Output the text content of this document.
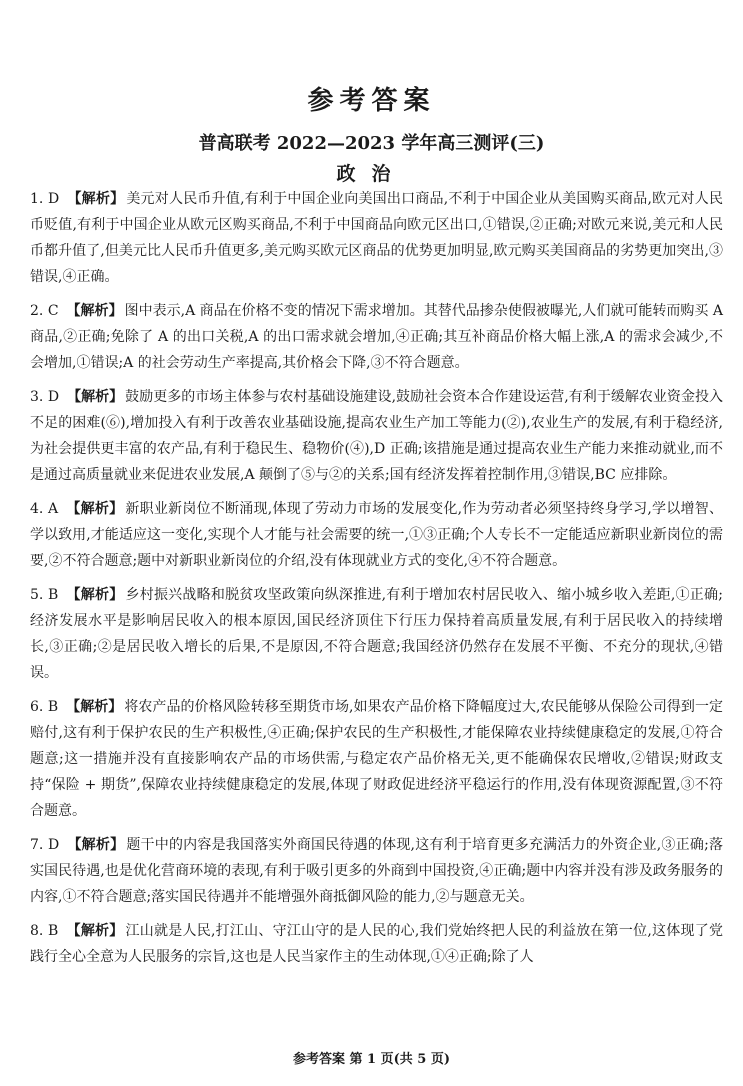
参考答案
普高联考 2022—2023 学年高三测评(三)
政治

1. D 【解析】 美元对人民币升值,有利于中国企业向美国出口商品,不利于中国企业从美国购买商品,欧元对人民币贬值,有利于中国企业从欧元区购买商品,不利于中国商品向欧元区出口,①错误,②正确;对欧元来说,美元和人民币都升值了,但美元比人民币升值更多,美元购买欧元区商品的优势更加明显,欧元购买美国商品的劣势更加突出,③错误,④正确。

2. C 【解析】 图中表示,A 商品在价格不变的情况下需求增加。其替代品掺杂使假被曝光,人们就可能转而购买 A 商品,②正确;免除了 A 的出口关税,A 的出口需求就会增加,④正确;其互补商品价格大幅上涨,A 的需求会减少,不会增加,①错误;A 的社会劳动生产率提高,其价格会下降,③不符合题意。

3. D 【解析】 鼓励更多的市场主体参与农村基础设施建设,鼓励社会资本合作建设运营,有利于缓解农业资金投入不足的困难(⑥),增加投入有利于改善农业基础设施,提高农业生产加工等能力(②),农业生产的发展,有利于稳经济,为社会提供更丰富的农产品,有利于稳民生、稳物价(④),D 正确;该措施是通过提高农业生产能力来推动就业,而不是通过高质量就业来促进农业发展,A 颠倒了⑤与②的关系;国有经济发挥着控制作用,③错误,BC 应排除。

4. A 【解析】 新职业新岗位不断涌现,体现了劳动力市场的发展变化,作为劳动者必须坚持终身学习,学以增智、学以致用,才能适应这一变化,实现个人才能与社会需要的统一,①③正确;个人专长不一定能适应新职业新岗位的需要,②不符合题意;题中对新职业新岗位的介绍,没有体现就业方式的变化,④不符合题意。

5. B 【解析】 乡村振兴战略和脱贫攻坚政策向纵深推进,有利于增加农村居民收入、缩小城乡收入差距,①正确;经济发展水平是影响居民收入的根本原因,国民经济顶住下行压力保持着高质量发展,有利于居民收入的持续增长,③正确;②是居民收入增长的后果,不是原因,不符合题意;我国经济仍然存在发展不平衡、不充分的现状,④错误。

6. B 【解析】 将农产品的价格风险转移至期货市场,如果农产品价格下降幅度过大,农民能够从保险公司得到一定赔付,这有利于保护农民的生产积极性,④正确;保护农民的生产积极性,才能保障农业持续健康稳定的发展,①符合题意;这一措施并没有直接影响农产品的市场供需,与稳定农产品价格无关,更不能确保农民增收,②错误;财政支持“保险 + 期货”,保障农业持续健康稳定的发展,体现了财政促进经济平稳运行的作用,没有体现资源配置,③不符合题意。

7. D 【解析】 题干中的内容是我国落实外商国民待遇的体现,这有利于培育更多充满活力的外资企业,③正确;落实国民待遇,也是优化营商环境的表现,有利于吸引更多的外商到中国投资,④正确;题中内容并没有涉及政务服务的内容,①不符合题意;落实国民待遇并不能增强外商抵御风险的能力,②与题意无关。

8. B 【解析】 江山就是人民,打江山、守江山守的是人民的心,我们党始终把人民的利益放在第一位,这体现了党践行全心全意为人民服务的宗旨,这也是人民当家作主的生动体现,①④正确;除了人

参考答案 第 1 页(共 5 页)
